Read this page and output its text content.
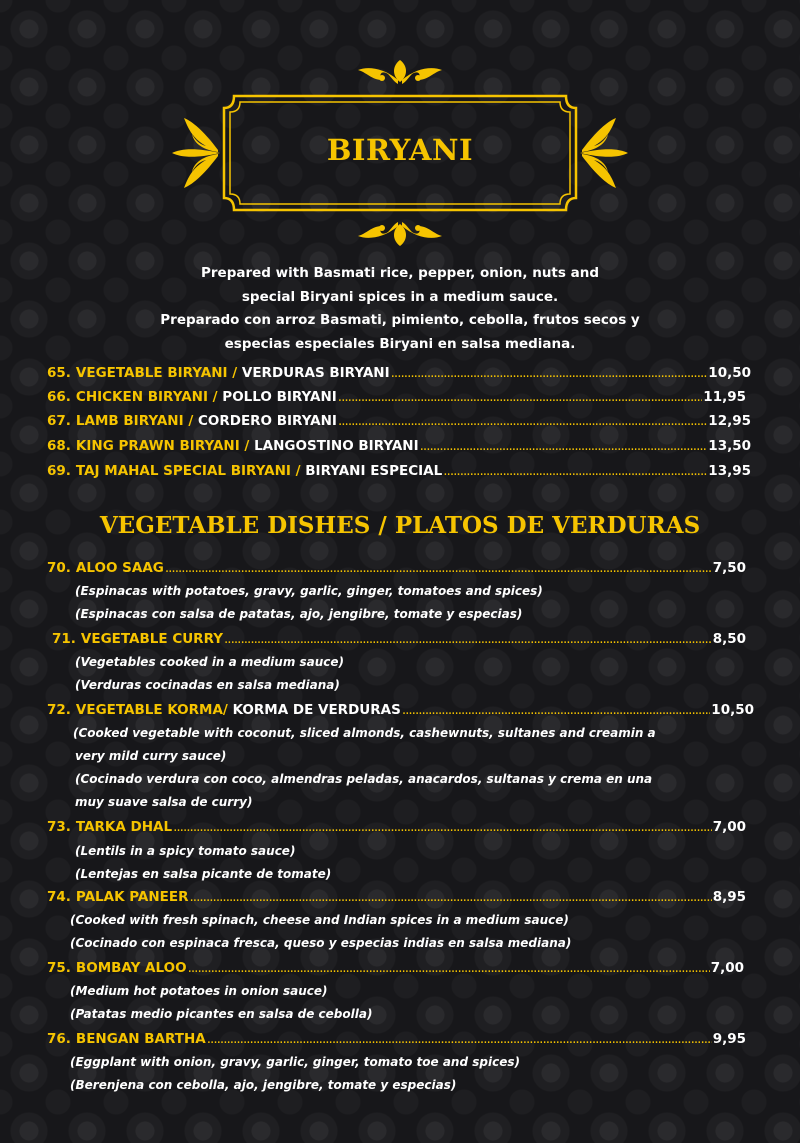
BIRYANI
Prepared with Basmati rice, pepper, onion, nuts and
special Biryani spices in a medium sauce.
Preparado con arroz Basmati, pimiento, cebolla, frutos secos y
especias especiales Biryani en salsa mediana.
65. VEGETABLE BIRYANI /
VERDURAS BIRYANI .....	10,50
66. CHICKEN BIRYANI /
POLLO BIRYANI .....	11,95
67. LAMB BIRYANI /
CORDERO BIRYANI .....	12,95
68. KING PRAWN BIRYANI /
LANGOSTINO BIRYANI .....	13,50
69. TAJ MAHAL SPECIAL BIRYANI /
BIRYANI ESPECIAL .....	13,95
VEGETABLE DISHES / PLATOS DE VERDURAS
70. ALOO SAAG .....	7,50
(Espinacas with potatoes, gravy, garlic, ginger, tomatoes and spices)
(Espinacas con salsa de patatas, ajo, jengibre, tomate y especias)
71. VEGETABLE CURRY .....	8,50
(Vegetables cooked in a medium sauce)
(Verduras cocinadas en salsa mediana)
72. VEGETABLE KORMA/
KORMA DE VERDURAS .....	10,50
(Cooked vegetable with coconut, sliced almonds, cashewnuts, sultanes and creamin a
very mild curry sauce)
(Cocinado verdura con coco, almendras peladas, anacardos, sultanas y crema en una
muy suave salsa de curry)
73. TARKA DHAL .....	7,00
(Lentils in a spicy tomato sauce)
(Lentejas en salsa picante de tomate)
74. PALAK PANEER .....	8,95
(Cooked with fresh spinach, cheese and Indian spices in a medium sauce)
(Cocinado con espinaca fresca, queso y especias indias en salsa mediana)
75. BOMBAY ALOO .....	7,00
(Medium hot potatoes in onion sauce)
(Patatas medio picantes en salsa de cebolla)
76. BENGAN BARTHA .....	9,95
(Eggplant with onion, gravy, garlic, ginger, tomato toe and spices)
(Berenjena con cebolla, ajo, jengibre, tomate y especias)
